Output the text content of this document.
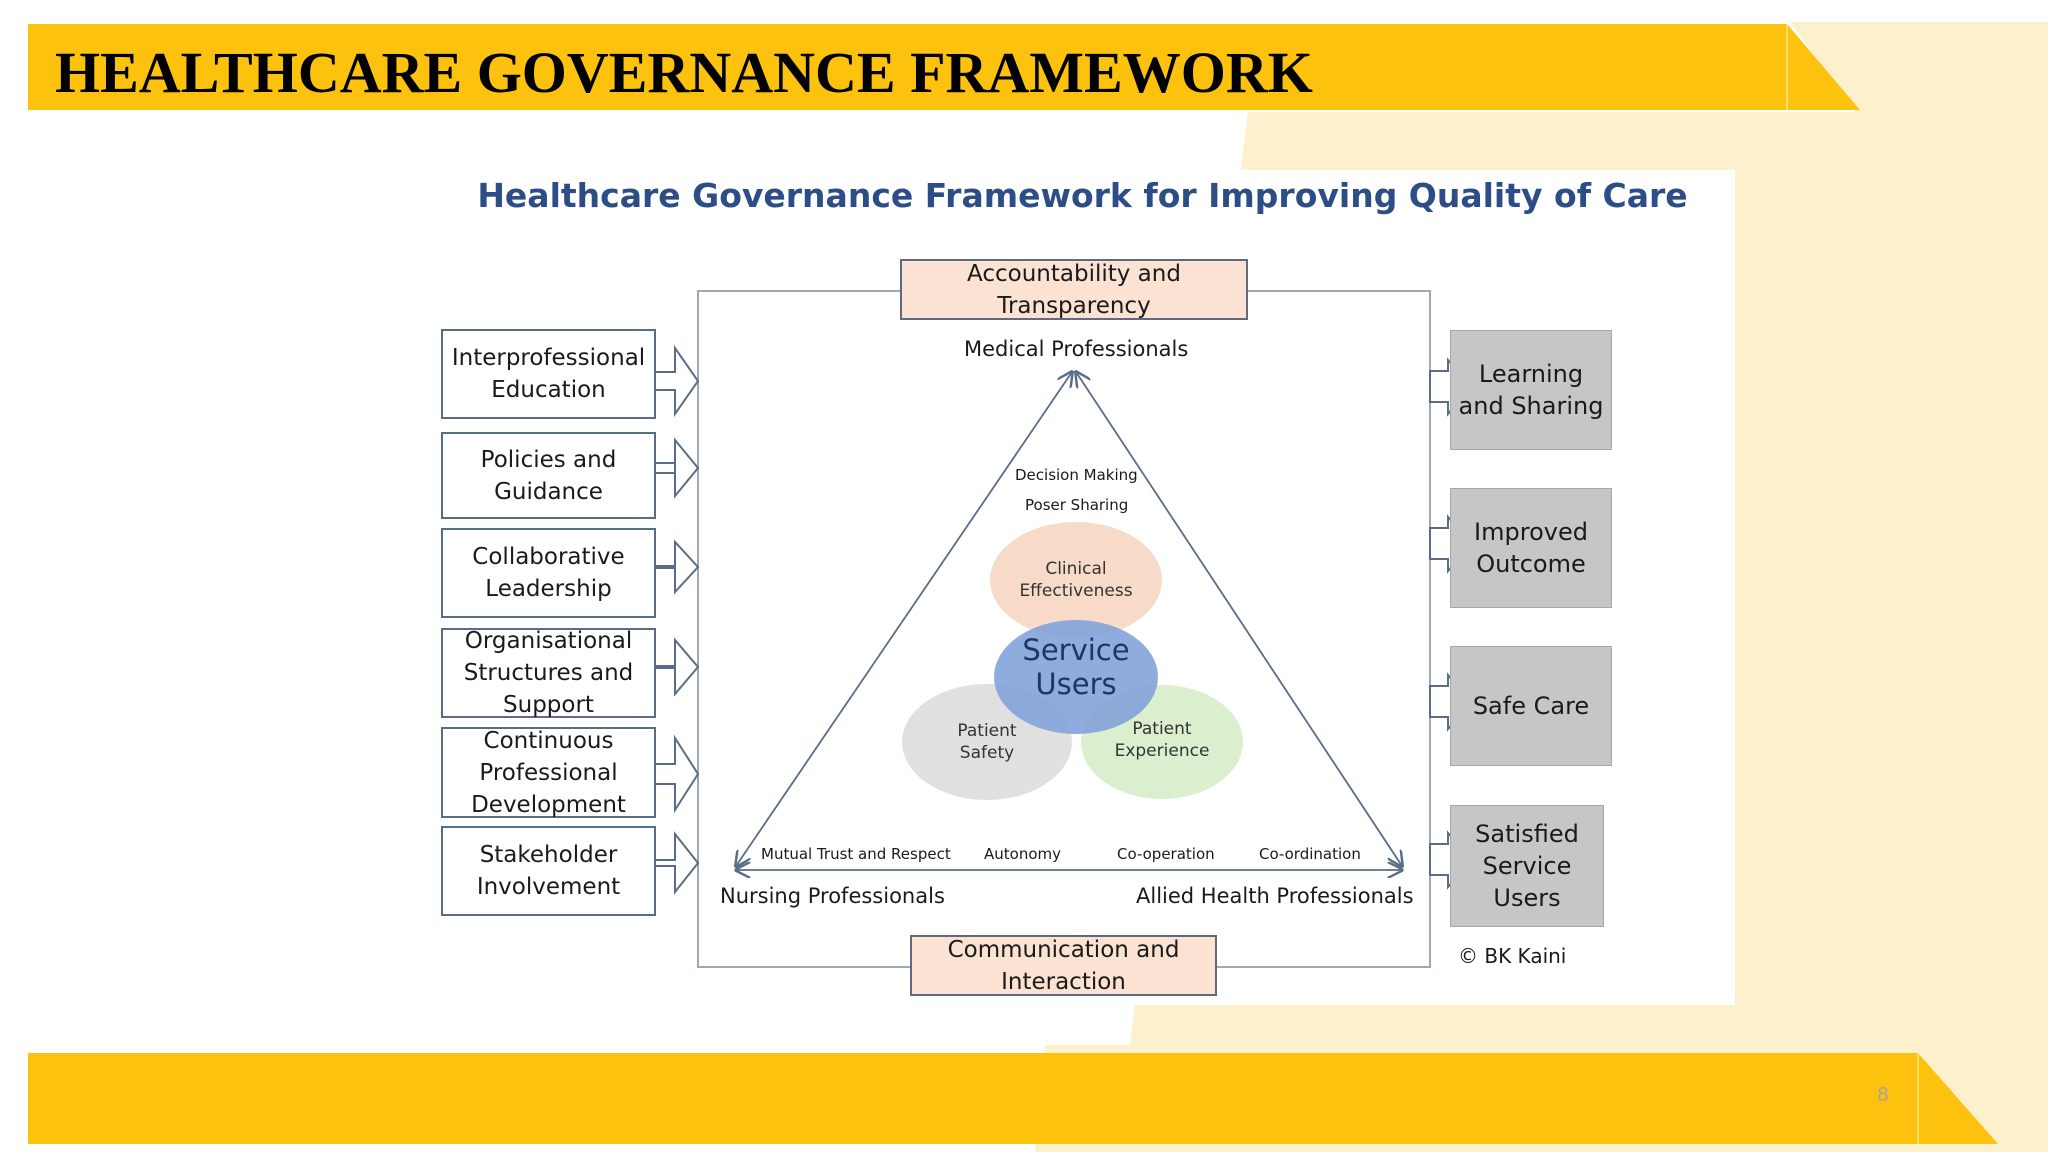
HEALTHCARE GOVERNANCE FRAMEWORK
8
Healthcare Governance Framework for Improving Quality of Care
Accountability and Transparency
Communication and Interaction
Interprofessional Education
Policies and Guidance
Collaborative Leadership
Organisational Structures and Support
Continuous Professional Development
Stakeholder Involvement
Learning and Sharing
Improved Outcome
Safe Care
Satisfied Service Users
Medical Professionals
Nursing Professionals	Allied Health Professionals
Decision Making
Poser Sharing
Mutual Trust and Respect Autonomy	Co-operation	Co-ordination
Clinical Effectiveness
Service Users
Patient Safety
Patient Experience
© BK Kaini
